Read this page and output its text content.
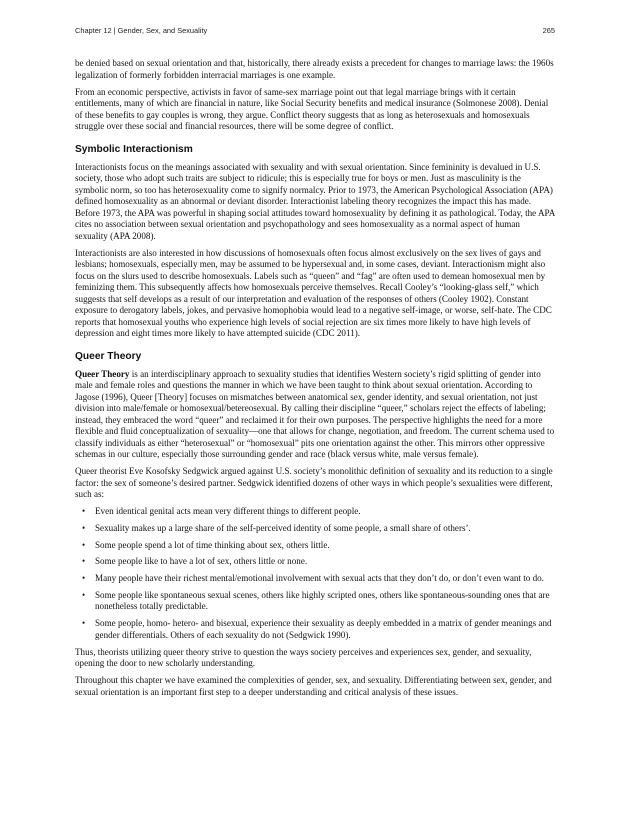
Chapter 12 | Gender, Sex, and Sexuality	265

be denied based on sexual orientation and that, historically, there already exists a precedent for changes to marriage laws: the 1960s legalization of formerly forbidden interracial marriages is one example.

From an economic perspective, activists in favor of same-sex marriage point out that legal marriage brings with it certain entitlements, many of which are financial in nature, like Social Security benefits and medical insurance (Solmonese 2008). Denial of these benefits to gay couples is wrong, they argue. Conflict theory suggests that as long as heterosexuals and homosexuals struggle over these social and financial resources, there will be some degree of conflict.

Symbolic Interactionism

Interactionists focus on the meanings associated with sexuality and with sexual orientation. Since femininity is devalued in U.S. society, those who adopt such traits are subject to ridicule; this is especially true for boys or men. Just as masculinity is the symbolic norm, so too has heterosexuality come to signify normalcy. Prior to 1973, the American Psychological Association (APA) defined homosexuality as an abnormal or deviant disorder. Interactionist labeling theory recognizes the impact this has made. Before 1973, the APA was powerful in shaping social attitudes toward homosexuality by defining it as pathological. Today, the APA cites no association between sexual orientation and psychopathology and sees homosexuality as a normal aspect of human sexuality (APA 2008).

Interactionists are also interested in how discussions of homosexuals often focus almost exclusively on the sex lives of gays and lesbians; homosexuals, especially men, may be assumed to be hypersexual and, in some cases, deviant. Interactionism might also focus on the slurs used to describe homosexuals. Labels such as “queen” and “fag” are often used to demean homosexual men by feminizing them. This subsequently affects how homosexuals perceive themselves. Recall Cooley’s “looking-glass self,” which suggests that self develops as a result of our interpretation and evaluation of the responses of others (Cooley 1902). Constant exposure to derogatory labels, jokes, and pervasive homophobia would lead to a negative self-image, or worse, self-hate. The CDC reports that homosexual youths who experience high levels of social rejection are six times more likely to have high levels of depression and eight times more likely to have attempted suicide (CDC 2011).

Queer Theory

Queer Theory is an interdisciplinary approach to sexuality studies that identifies Western society’s rigid splitting of gender into male and female roles and questions the manner in which we have been taught to think about sexual orientation. According to Jagose (1996), Queer [Theory] focuses on mismatches between anatomical sex, gender identity, and sexual orientation, not just division into male/female or homosexual/betereosexual. By calling their discipline “queer,” scholars reject the effects of labeling; instead, they embraced the word “queer” and reclaimed it for their own purposes. The perspective highlights the need for a more flexible and fluid conceptualization of sexuality—one that allows for change, negotiation, and freedom. The current schema used to classify individuals as either “heterosexual” or “homosexual” pits one orientation against the other. This mirrors other oppressive schemas in our culture, especially those surrounding gender and race (black versus white, male versus female).

Queer theorist Eve Kosofsky Sedgwick argued against U.S. society’s monolithic definition of sexuality and its reduction to a single factor: the sex of someone’s desired partner. Sedgwick identified dozens of other ways in which people’s sexualities were different, such as:

• Even identical genital acts mean very different things to different people.
• Sexuality makes up a large share of the self-perceived identity of some people, a small share of others’.
• Some people spend a lot of time thinking about sex, others little.
• Some people like to have a lot of sex, others little or none.
• Many people have their richest mental/emotional involvement with sexual acts that they don’t do, or don’t even want to do.
• Some people like spontaneous sexual scenes, others like highly scripted ones, others like spontaneous-sounding ones that are nonetheless totally predictable.
• Some people, homo- hetero- and bisexual, experience their sexuality as deeply embedded in a matrix of gender meanings and gender differentials. Others of each sexuality do not (Sedgwick 1990).

Thus, theorists utilizing queer theory strive to question the ways society perceives and experiences sex, gender, and sexuality, opening the door to new scholarly understanding.

Throughout this chapter we have examined the complexities of gender, sex, and sexuality. Differentiating between sex, gender, and sexual orientation is an important first step to a deeper understanding and critical analysis of these issues.
